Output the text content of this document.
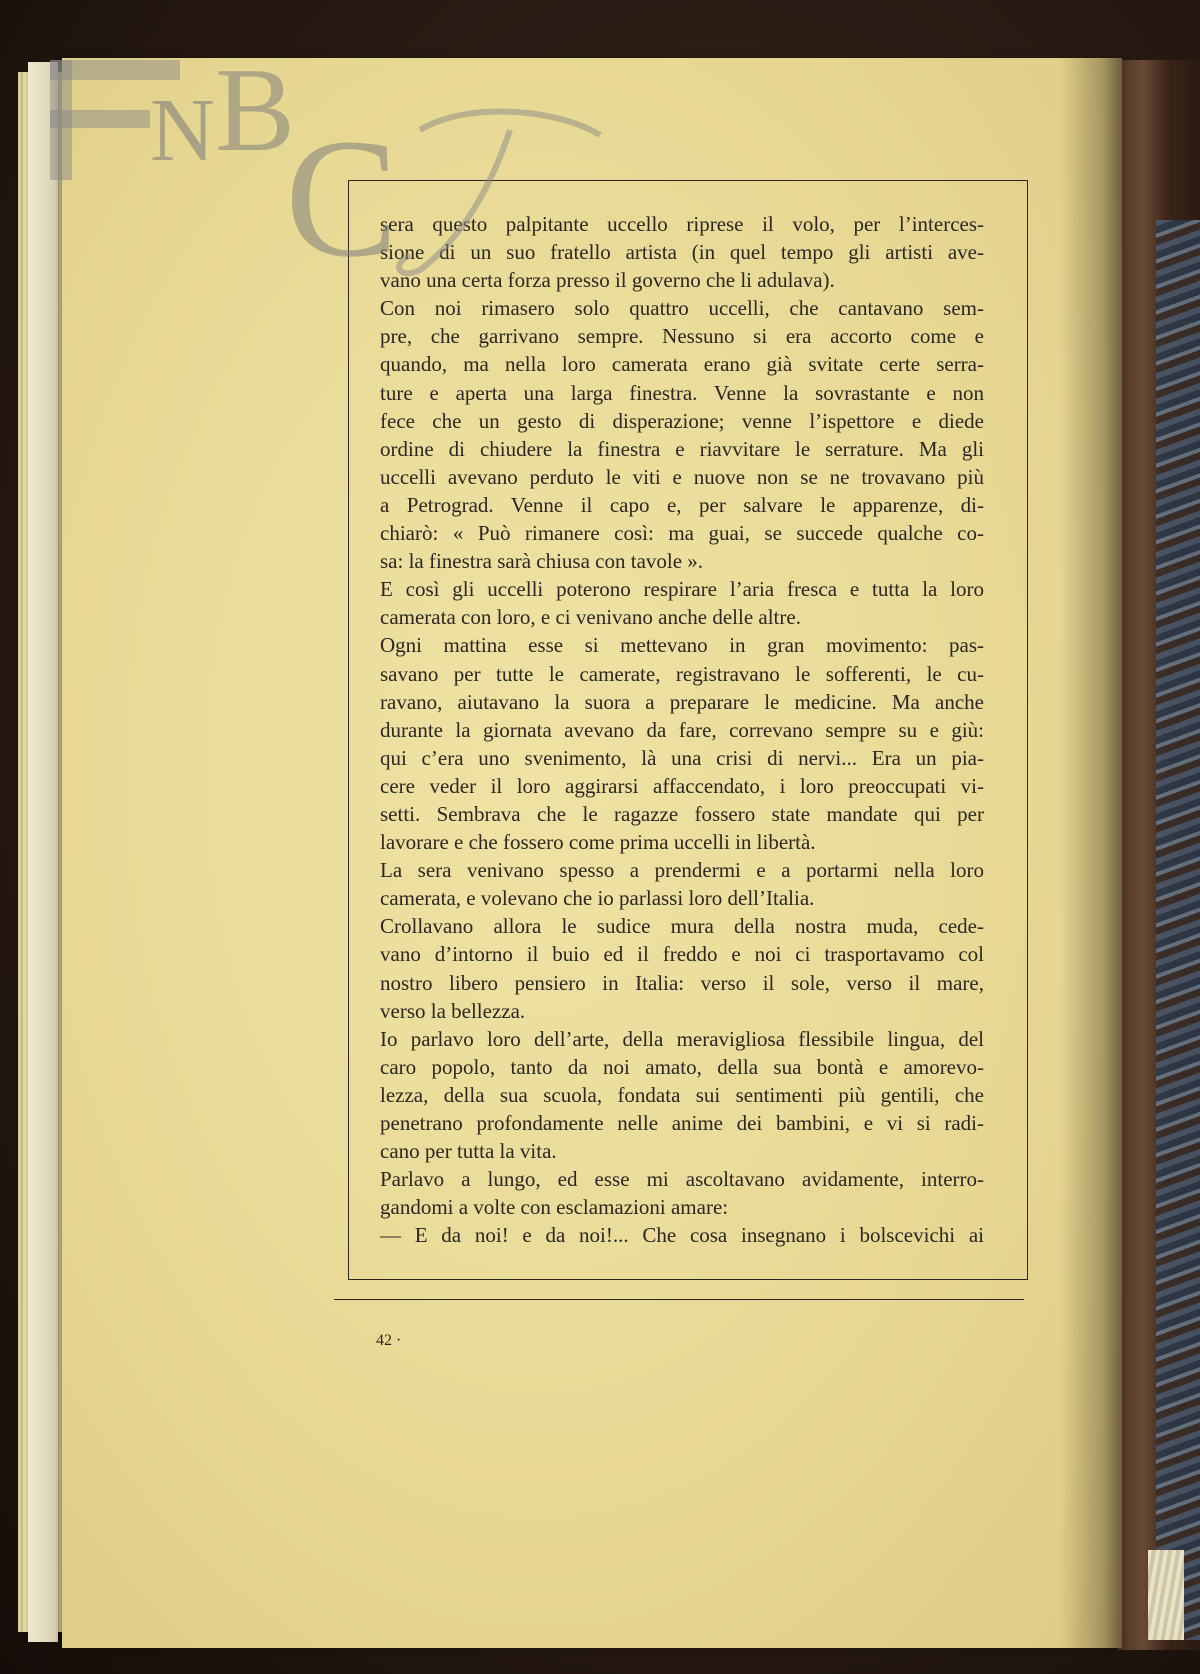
sera questo palpitante uccello riprese il volo, per l’interces-
sione di un suo fratello artista (in quel tempo gli artisti ave-
vano una certa forza presso il governo che li adulava).
Con noi rimasero solo quattro uccelli, che cantavano sem-
pre, che garrivano sempre. Nessuno si era accorto come e
quando, ma nella loro camerata erano già svitate certe serra-
ture e aperta una larga finestra. Venne la sovrastante e non
fece che un gesto di disperazione; venne l’ispettore e diede
ordine di chiudere la finestra e riavvitare le serrature. Ma gli
uccelli avevano perduto le viti e nuove non se ne trovavano più
a Petrograd. Venne il capo e, per salvare le apparenze, di-
chiarò: « Può rimanere così: ma guai, se succede qualche co-
sa: la finestra sarà chiusa con tavole ».
E così gli uccelli poterono respirare l’aria fresca e tutta la loro
camerata con loro, e ci venivano anche delle altre.
Ogni mattina esse si mettevano in gran movimento: pas-
savano per tutte le camerate, registravano le sofferenti, le cu-
ravano, aiutavano la suora a preparare le medicine. Ma anche
durante la giornata avevano da fare, correvano sempre su e giù:
qui c’era uno svenimento, là una crisi di nervi... Era un pia-
cere veder il loro aggirarsi affaccendato, i loro preoccupati vi-
setti. Sembrava che le ragazze fossero state mandate qui per
lavorare e che fossero come prima uccelli in libertà.
La sera venivano spesso a prendermi e a portarmi nella loro
camerata, e volevano che io parlassi loro dell’Italia.
Crollavano allora le sudice mura della nostra muda, cede-
vano d’intorno il buio ed il freddo e noi ci trasportavamo col
nostro libero pensiero in Italia: verso il sole, verso il mare,
verso la bellezza.
Io parlavo loro dell’arte, della meravigliosa flessibile lingua, del
caro popolo, tanto da noi amato, della sua bontà e amorevo-
lezza, della sua scuola, fondata sui sentimenti più gentili, che
penetrano profondamente nelle anime dei bambini, e vi si radi-
cano per tutta la vita.
Parlavo a lungo, ed esse mi ascoltavano avidamente, interro-
gandomi a volte con esclamazioni amare:
— E da noi! e da noi!... Che cosa insegnano i bolscevichi ai
42 ·
N B
C
